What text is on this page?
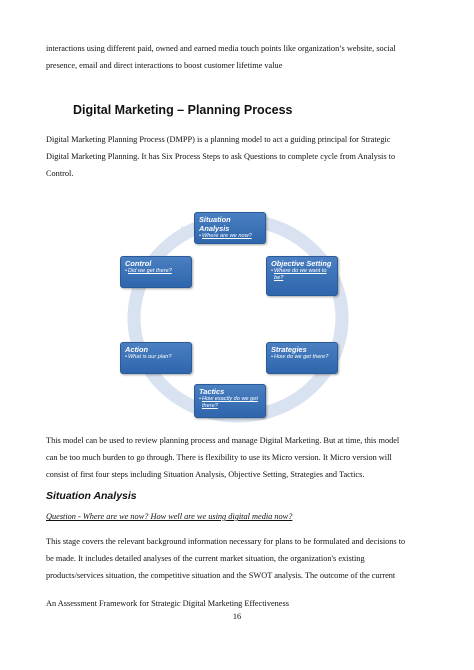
interactions using different paid, owned and earned media touch points like organization’s website, social
presence, email and direct interactions to boost customer lifetime value
Digital Marketing – Planning Process
Digital Marketing Planning Process (DMPP) is a planning model to act a guiding principal for Strategic
Digital Marketing Planning. It has Six Process Steps to ask Questions to complete cycle from Analysis to
Control.
Situation Analysis
• Where are we now?
Objective Setting
• Where do we want to be?
Strategies
• How do we get there?
Tactics
• How exactly do we get there?
Action
• What is our plan?
Control
• Did we get there?
This model can be used to review planning process and manage Digital Marketing. But at time, this model
can be too much burden to go through. There is flexibility to use its Micro version. It Micro version will
consist of first four steps including Situation Analysis, Objective Setting, Strategies and Tactics.
Situation Analysis
Question - Where are we now? How well are we using digital media now?
This stage covers the relevant background information necessary for plans to be formulated and decisions to
be made. It includes detailed analyses of the current market situation, the organization's existing
products/services situation, the competitive situation and the SWOT analysis. The outcome of the current
An Assessment Framework for Strategic Digital Marketing Effectiveness
16
